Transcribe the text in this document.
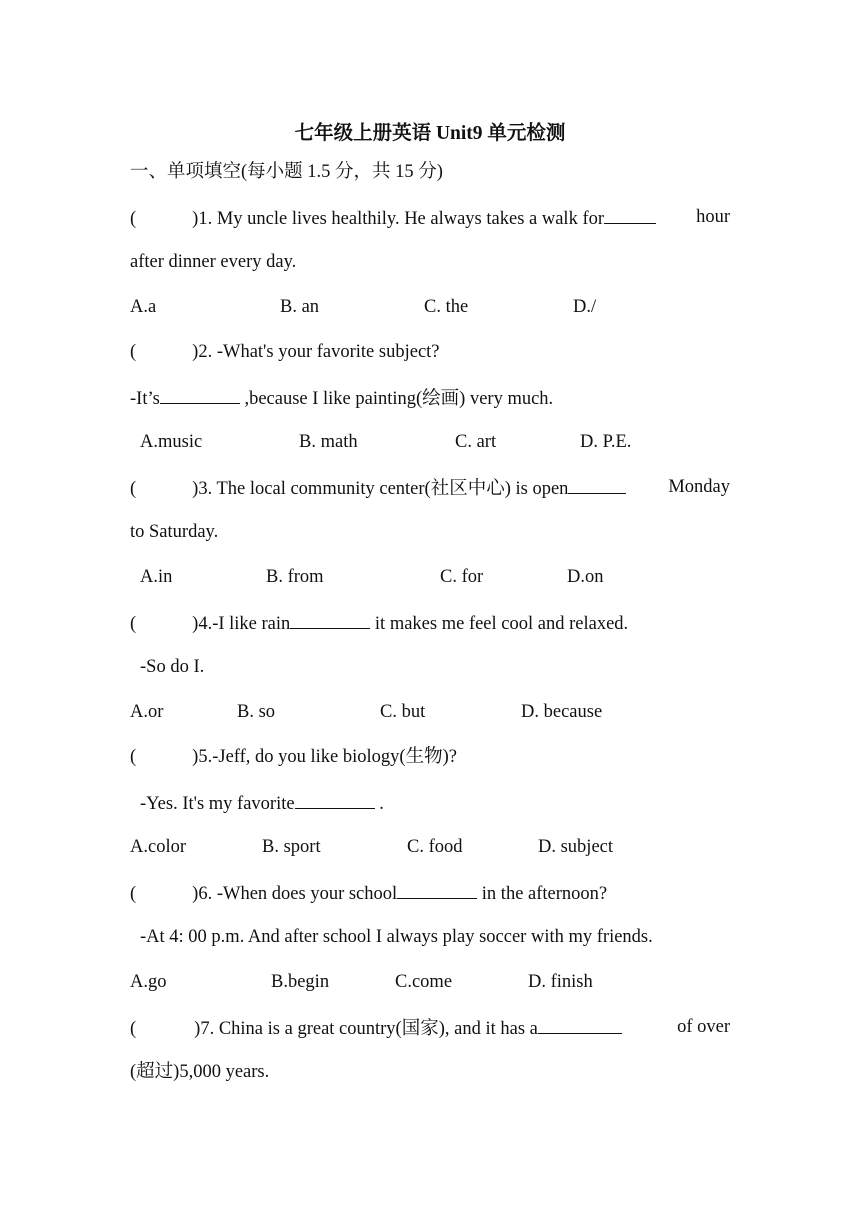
七年级上册英语 Unit9 单元检测
一、单项填空(每小题 1.5 分，共 15 分)
(	)1. My uncle lives healthily. He always takes a walk for	hour
after dinner every day.
A.a	B. an	C. the	D./
(	)2. -What's your favorite subject?
-It’s	,because I like painting(绘画) very much.
A.music	B. math	C. art	D. P.E.
(	)3. The local community center(社区中心) is open	Monday
to Saturday.
A.in	B. from	C. for	D.on
(	)4.-I like rain	it makes me feel cool and relaxed.
-So do I.
A.or	B. so	C. but	D. because
(	)5.-Jeff, do you like biology(生物)?
-Yes. It's my favorite	.
A.color	B. sport	C. food	D. subject
(	)6. -When does your school	in the afternoon?
-At 4: 00 p.m. And after school I always play soccer with my friends.
A.go	B.begin	C.come	D. finish
(	)7. China is a great country(国家), and it has a	of over
(超过)5,000 years.
